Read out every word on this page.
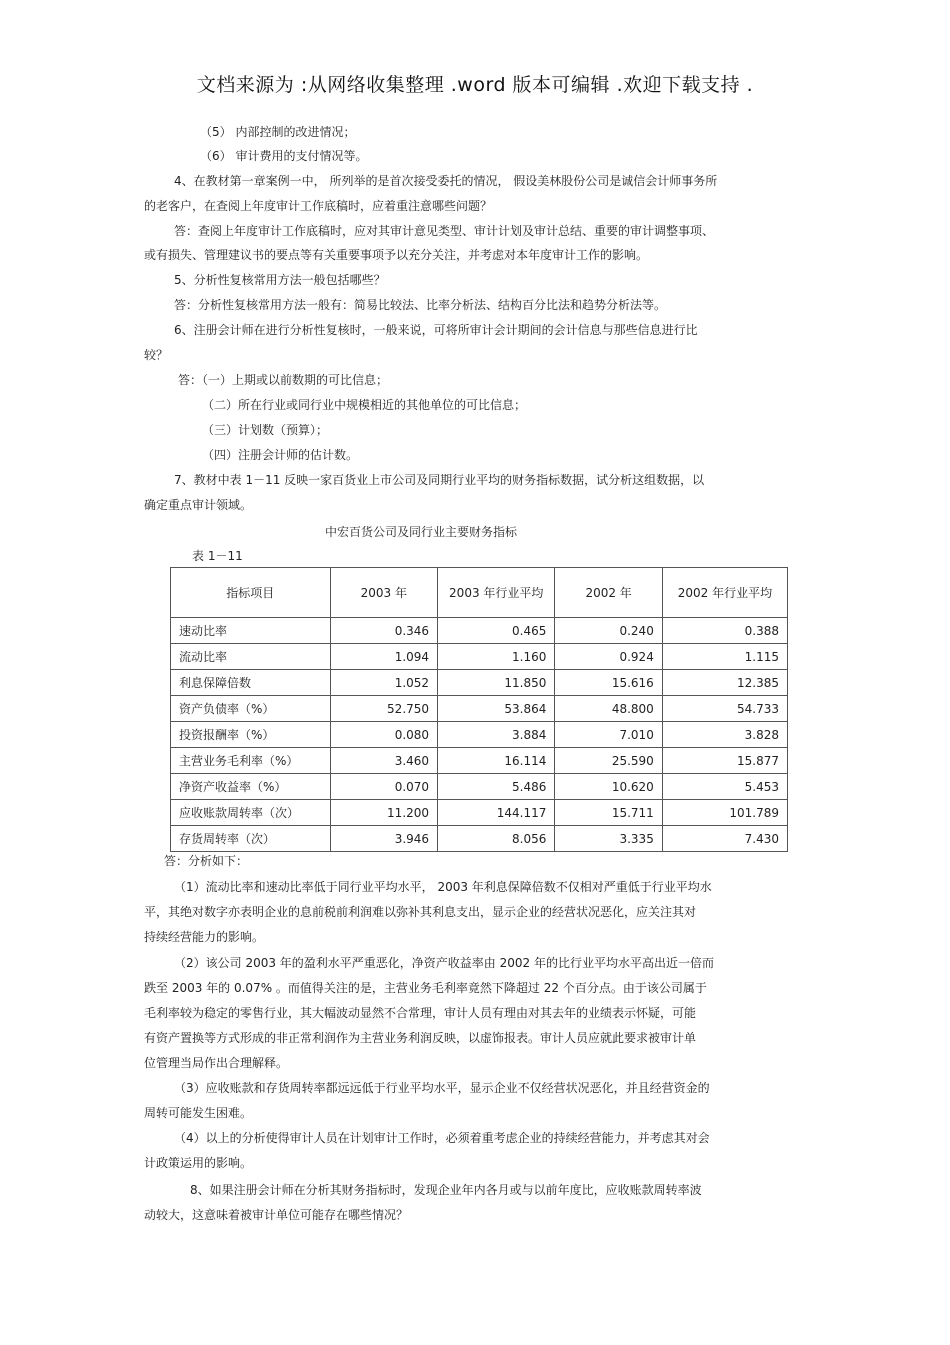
文档来源为 :从网络收集整理 .word 版本可编辑 .欢迎下载支持 .
（5） 内部控制的改进情况；
（6） 审计费用的支付情况等。
4、在教材第一章案例一中， 所列举的是首次接受委托的情况， 假设美林股份公司是诚信会计师事务所
的老客户，在查阅上年度审计工作底稿时，应着重注意哪些问题？
答：查阅上年度审计工作底稿时，应对其审计意见类型、审计计划及审计总结、重要的审计调整事项、
或有损失、管理建议书的要点等有关重要事项予以充分关注，并考虑对本年度审计工作的影响。
5、分析性复核常用方法一般包括哪些？
答：分析性复核常用方法一般有：简易比较法、比率分析法、结构百分比法和趋势分析法等。
6、注册会计师在进行分析性复核时，一般来说，可将所审计会计期间的会计信息与那些信息进行比
较？
答：（一）上期或以前数期的可比信息；
（二）所在行业或同行业中规模相近的其他单位的可比信息；
（三）计划数（预算）；
（四）注册会计师的估计数。
7、教材中表 1－11 反映一家百货业上市公司及同期行业平均的财务指标数据，试分析这组数据，以
确定重点审计领域。
中宏百货公司及同行业主要财务指标
表 1－11
指标项目	2003 年	2003 年行业平均	2002 年	2002 年行业平均
速动比率	0.346	0.465	0.240	0.388
流动比率	1.094	1.160	0.924	1.115
利息保障倍数	1.052	11.850	15.616	12.385
资产负债率（%）	52.750	53.864	48.800	54.733
投资报酬率（%）	0.080	3.884	7.010	3.828
主营业务毛利率（%）	3.460	16.114	25.590	15.877
净资产收益率（%）	0.070	5.486	10.620	5.453
应收账款周转率（次）	11.200	144.117	15.711	101.789
存货周转率（次）	3.946	8.056	3.335	7.430
答：分析如下：
（1）流动比率和速动比率低于同行业平均水平， 2003 年利息保障倍数不仅相对严重低于行业平均水
平，其绝对数字亦表明企业的息前税前利润难以弥补其利息支出，显示企业的经营状况恶化，应关注其对
持续经营能力的影响。
（2）该公司 2003 年的盈利水平严重恶化，净资产收益率由 2002 年的比行业平均水平高出近一倍而
跌至 2003 年的 0.07% 。而值得关注的是，主营业务毛利率竟然下降超过 22 个百分点。由于该公司属于
毛利率较为稳定的零售行业，其大幅波动显然不合常理，审计人员有理由对其去年的业绩表示怀疑，可能
有资产置换等方式形成的非正常利润作为主营业务利润反映，以虚饰报表。审计人员应就此要求被审计单
位管理当局作出合理解释。
（3）应收账款和存货周转率都远远低于行业平均水平，显示企业不仅经营状况恶化，并且经营资金的
周转可能发生困难。
（4）以上的分析使得审计人员在计划审计工作时，必须着重考虑企业的持续经营能力，并考虑其对会
计政策运用的影响。
8、如果注册会计师在分析其财务指标时，发现企业年内各月或与以前年度比，应收账款周转率波
动较大，这意味着被审计单位可能存在哪些情况？
